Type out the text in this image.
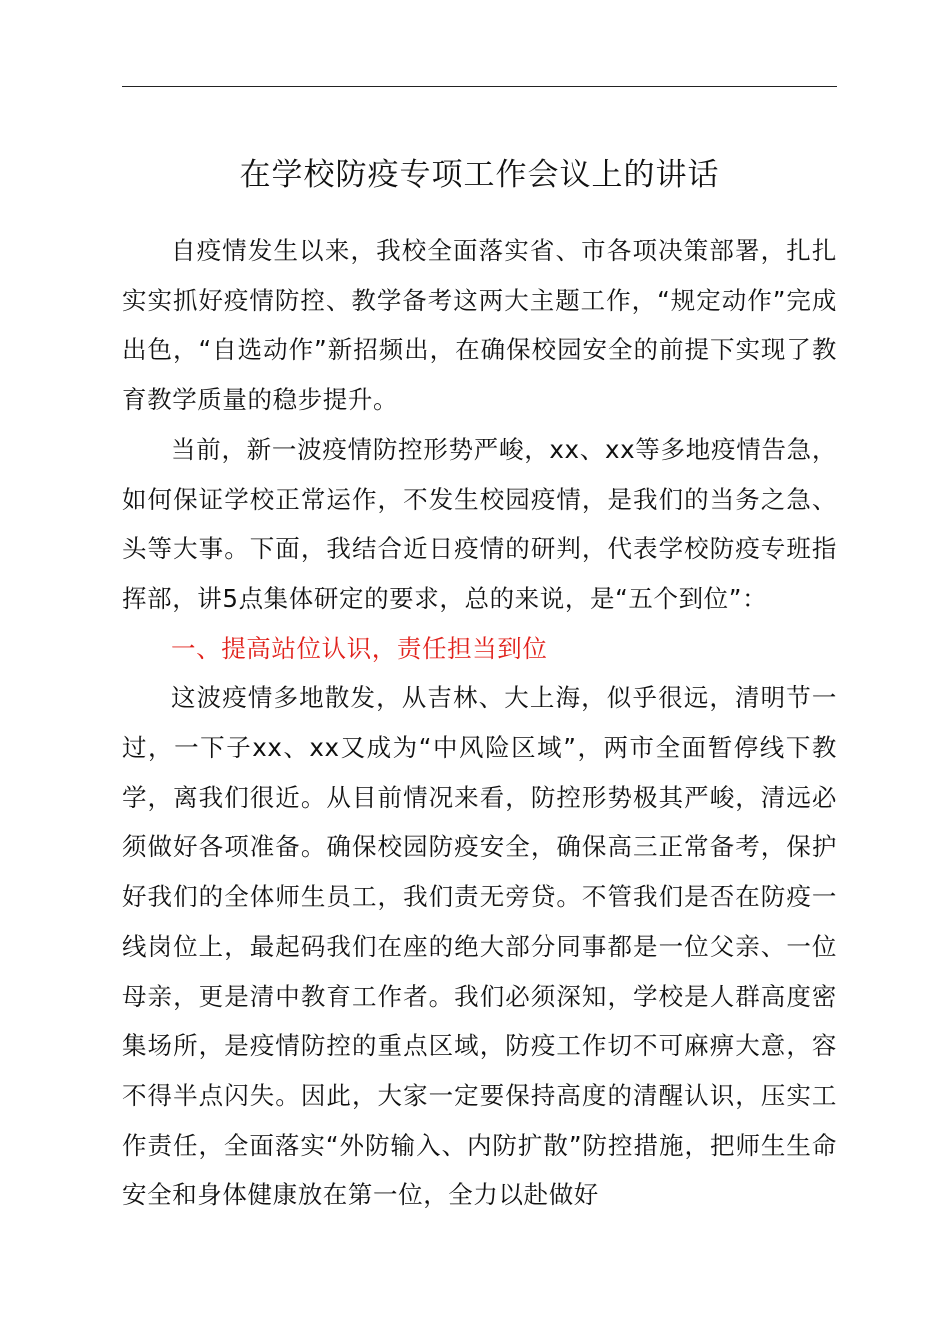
在学校防疫专项工作会议上的讲话

自疫情发生以来，我校全面落实省、市各项决策部署，扎扎实实抓好疫情防控、教学备考这两大主题工作，“规定动作”完成出色，“自选动作”新招频出，在确保校园安全的前提下实现了教育教学质量的稳步提升。

当前，新一波疫情防控形势严峻，xx、xx等多地疫情告急，如何保证学校正常运作，不发生校园疫情，是我们的当务之急、头等大事。下面，我结合近日疫情的研判，代表学校防疫专班指挥部，讲5点集体研定的要求，总的来说，是“五个到位”：

一、提高站位认识，责任担当到位

这波疫情多地散发，从吉林、大上海，似乎很远，清明节一过，一下子xx、xx又成为“中风险区域”，两市全面暂停线下教学，离我们很近。从目前情况来看，防控形势极其严峻，清远必须做好各项准备。确保校园防疫安全，确保高三正常备考，保护好我们的全体师生员工，我们责无旁贷。不管我们是否在防疫一线岗位上，最起码我们在座的绝大部分同事都是一位父亲、一位母亲，更是清中教育工作者。我们必须深知，学校是人群高度密集场所，是疫情防控的重点区域，防疫工作切不可麻痹大意，容不得半点闪失。因此，大家一定要保持高度的清醒认识，压实工作责任，全面落实“外防输入、内防扩散”防控措施，把师生生命安全和身体健康放在第一位，全力以赴做好
